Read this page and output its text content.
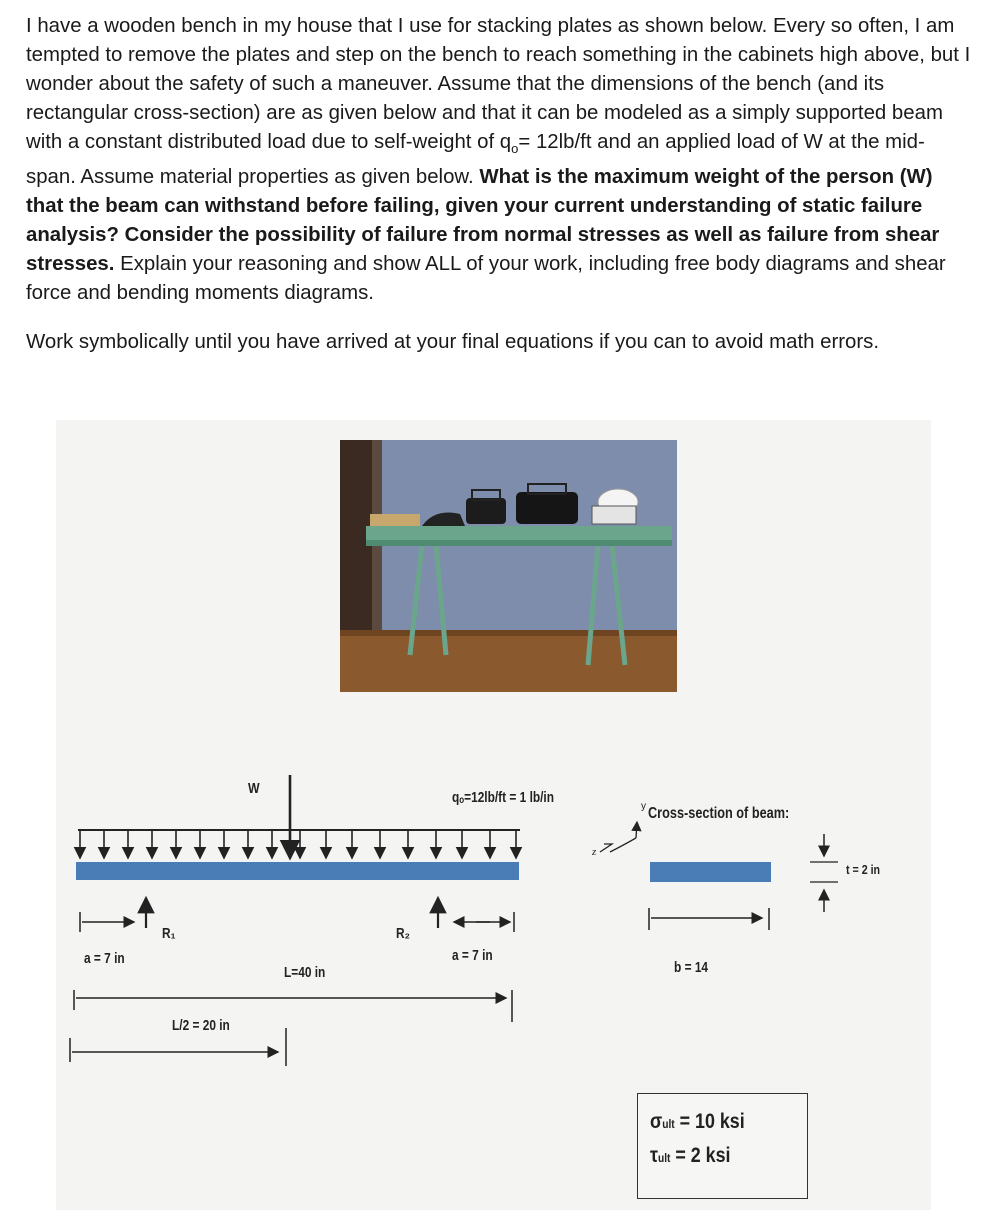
I have a wooden bench in my house that I use for stacking plates as shown below. Every so often, I am tempted to remove the plates and step on the bench to reach something in the cabinets high above, but I wonder about the safety of such a maneuver. Assume that the dimensions of the bench (and its rectangular cross-section) are as given below and that it can be modeled as a simply supported beam with a constant distributed load due to self-weight of $q_o= 12lb/ft$ and an applied load of W at the mid-span. Assume material properties as given below. What is the maximum weight of the person (W) that the beam can withstand before failing, given your current understanding of static failure analysis? Consider the possibility of failure from normal stresses as well as failure from shear stresses. Explain your reasoning and show ALL of your work, including free body diagrams and shear force and bending moments diagrams.

Work symbolically until you have arrived at your final equations if you can to avoid math errors.

W
qₒ=12lb/ft = 1 lb/in
R₁	R₂
a = 7 in	a = 7 in
L=40 in
L/2 = 20 in
Cross-section of beam:
b = 14
t = 2 in
y
z
σult = 10 ksi
τult = 2 ksi
